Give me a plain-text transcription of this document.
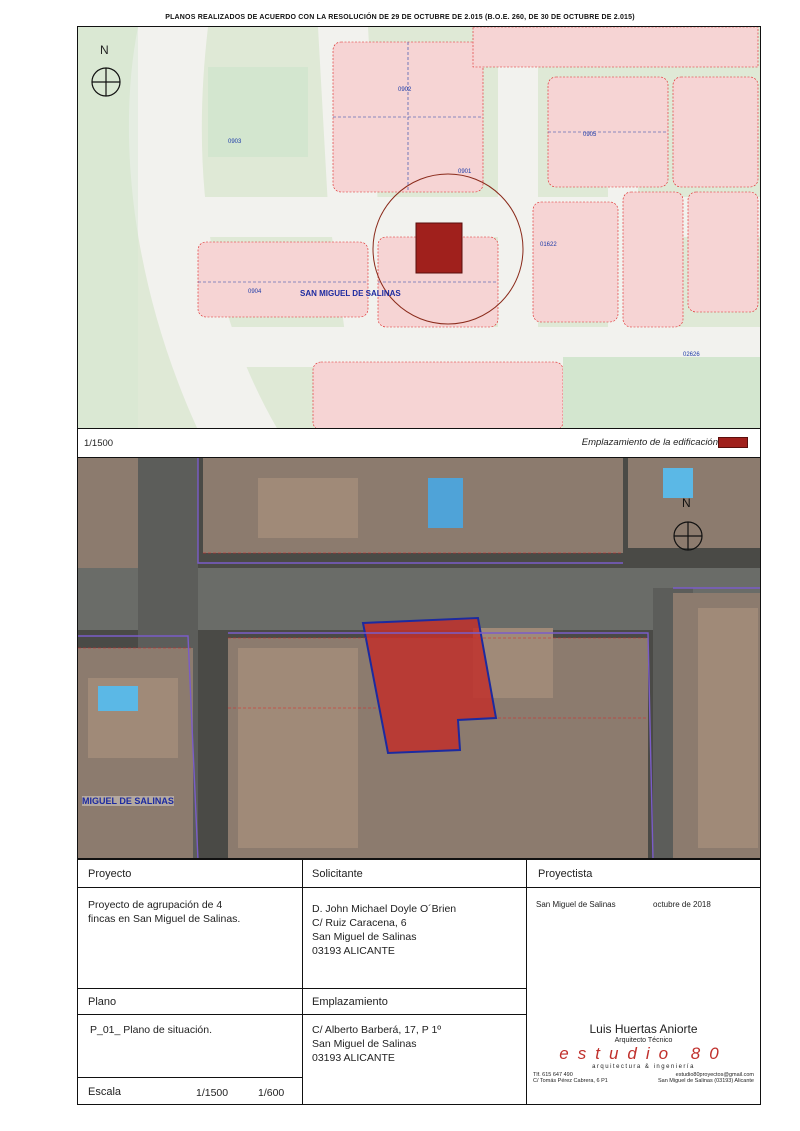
PLANOS REALIZADOS DE ACUERDO CON LA RESOLUCIÓN DE 29 DE OCTUBRE DE 2.015 (B.O.E. 260, DE 30 DE OCTUBRE DE 2.015)
N
SAN MIGUEL DE SALINAS
0902
0903
0905
01622
0904
0901
02626
1/1500	Emplazamiento de la edificación
N
MIGUEL DE SALINAS
Proyecto
Proyecto de agrupación de 4
fincas en San Miguel de Salinas.
Solicitante
D. John Michael Doyle O´Brien
C/ Ruiz Caracena, 6
San Miguel de Salinas
03193 ALICANTE
Proyectista
San Miguel de Salinas	octubre de 2018
Plano
P_01_ Plano de situación.
Emplazamiento
C/ Alberto Barberá, 17, P 1º
San Miguel de Salinas
03193 ALICANTE
Escala	1/1500	1/600
Luis Huertas Aniorte
Arquitecto Técnico
estudio 80
arquitectura & ingeniería
Tlf. 615 647 490	estudio80proyectos@gmail.com
C/ Tomás Pérez Cabrera, 6 P1	San Miguel de Salinas (03193) Alicante
